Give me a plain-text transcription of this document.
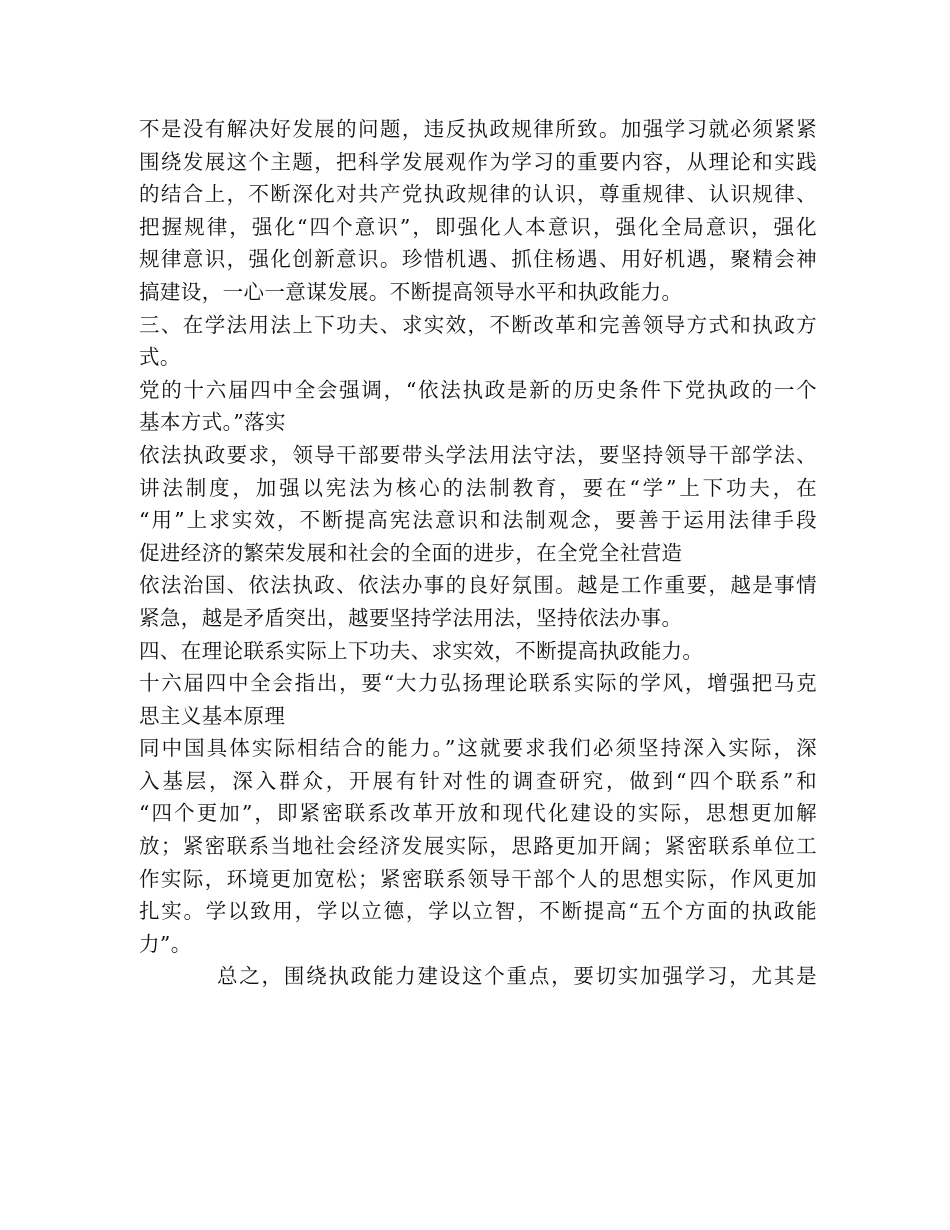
不是没有解决好发展的问题，违反执政规律所致。加强学习就必须紧紧
围绕发展这个主题，把科学发展观作为学习的重要内容，从理论和实践
的结合上，不断深化对共产党执政规律的认识，尊重规律、认识规律、
把握规律，强化“四个意识”，即强化人本意识，强化全局意识，强化
规律意识，强化创新意识。珍惜机遇、抓住杨遇、用好机遇，聚精会神
搞建设，一心一意谋发展。不断提高领导水平和执政能力。
三、在学法用法上下功夫、求实效，不断改革和完善领导方式和执政方
式。
党的十六届四中全会强调，“依法执政是新的历史条件下党执政的一个
基本方式。”落实
依法执政要求，领导干部要带头学法用法守法，要坚持领导干部学法、
讲法制度，加强以宪法为核心的法制教育，要在“学”上下功夫，在
“用”上求实效，不断提高宪法意识和法制观念，要善于运用法律手段
促进经济的繁荣发展和社会的全面的进步，在全党全社营造
依法治国、依法执政、依法办事的良好氛围。越是工作重要，越是事情
紧急，越是矛盾突出，越要坚持学法用法，坚持依法办事。
四、在理论联系实际上下功夫、求实效，不断提高执政能力。
十六届四中全会指出，要“大力弘扬理论联系实际的学风，增强把马克
思主义基本原理
同中国具体实际相结合的能力。”这就要求我们必须坚持深入实际，深
入基层，深入群众，开展有针对性的调查研究，做到“四个联系”和
“四个更加”，即紧密联系改革开放和现代化建设的实际，思想更加解
放；紧密联系当地社会经济发展实际，思路更加开阔；紧密联系单位工
作实际，环境更加宽松；紧密联系领导干部个人的思想实际，作风更加
扎实。学以致用，学以立德，学以立智，不断提高“五个方面的执政能
力”。
总之，围绕执政能力建设这个重点，要切实加强学习，尤其是
